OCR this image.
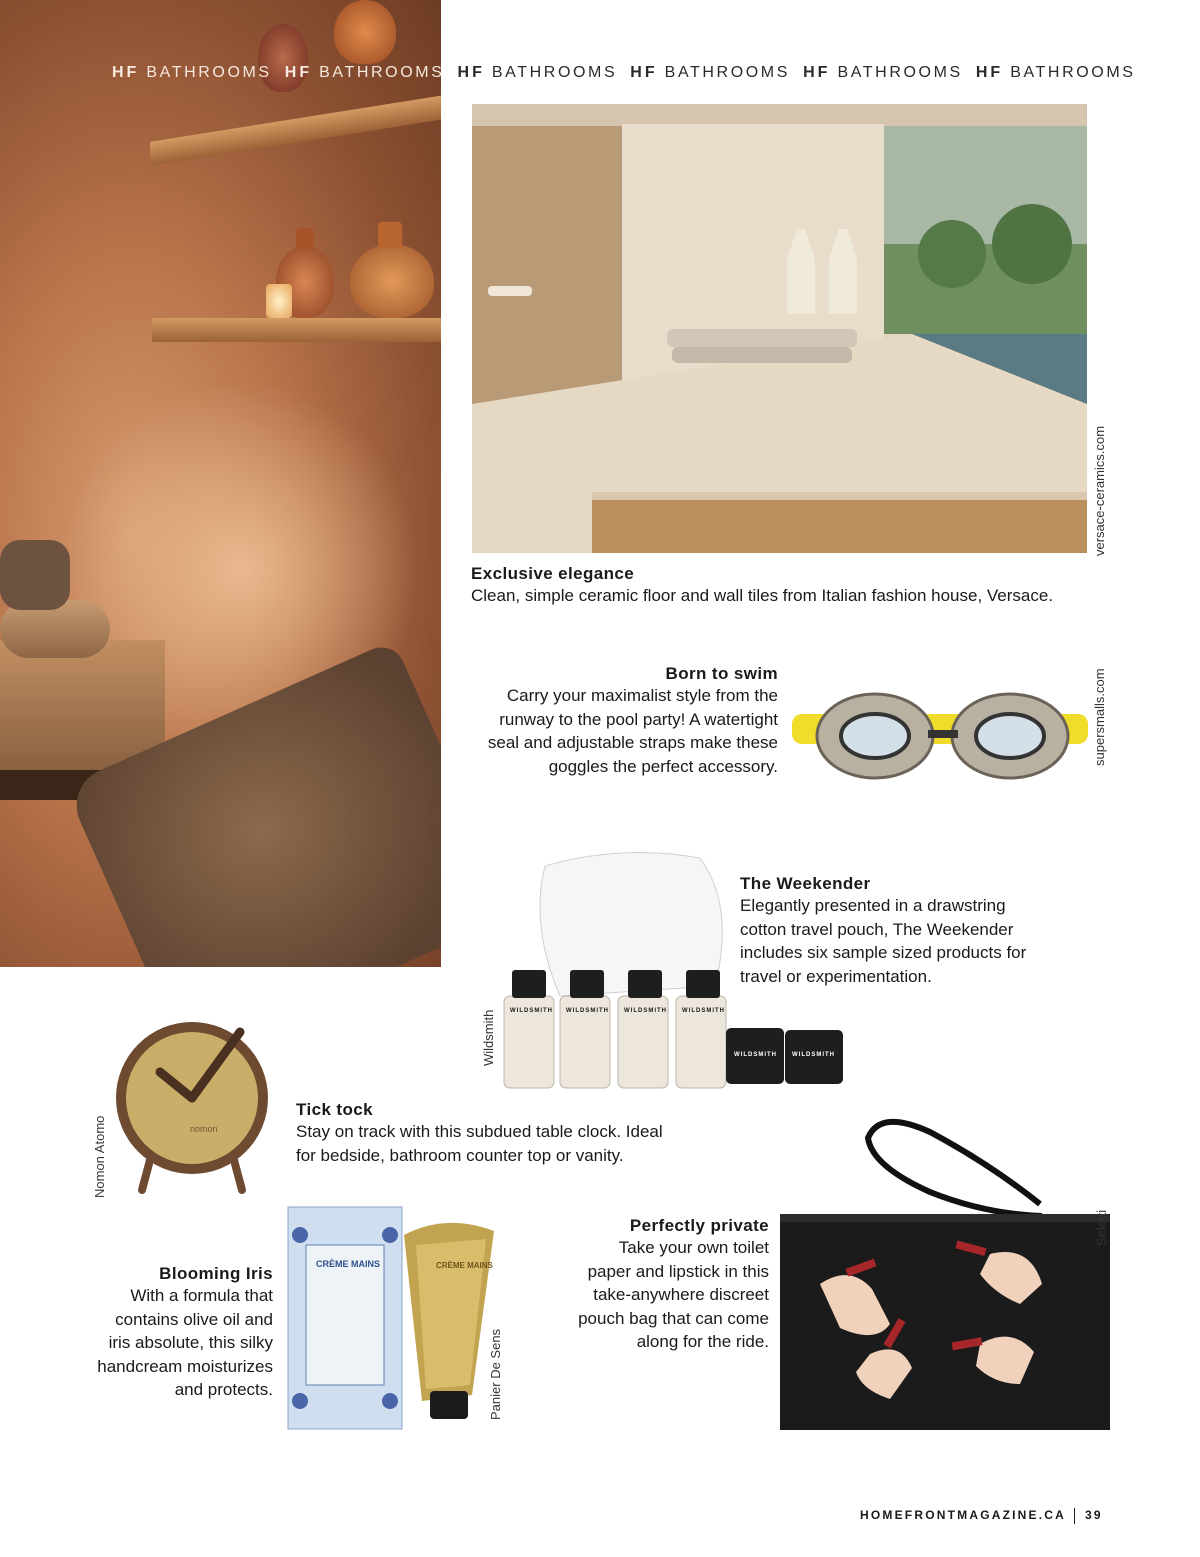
HF BATHROOMS HF BATHROOMS HF BATHROOMS HF BATHROOMS HF BATHROOMS HF BATHROOMS
versace-ceramics.com
Exclusive elegance
Clean, simple ceramic floor and wall tiles from Italian fashion house, Versace.
Born to swim
Carry your maximalist style from the
runway to the pool party! A watertight
seal and adjustable straps make these
goggles the perfect accessory.	supersmalls.com
WILDSMITH WILDSMITH	WILDSMITH	WILDSMITH
WILDSMITH	WILDSMITH
Wildsmith
The Weekender
Elegantly presented in a drawstring
cotton travel pouch, The Weekender
includes six sample sized products for
travel or experimentation.
nomon
Nomon Atomo
Tick tock
Stay on track with this subdued table clock. Ideal
for bedside, bathroom counter top or vanity.
Seletti
Perfectly private
Take your own toilet
paper and lipstick in this
take-anywhere discreet
pouch bag that can come
along for the ride.
CRÈME MAINS	CRÈME MAINS
Panier De Sens
Blooming Iris
With a formula that
contains olive oil and
iris absolute, this silky
handcream moisturizes
and protects.
HOMEFRONTMAGAZINE.CA 39
